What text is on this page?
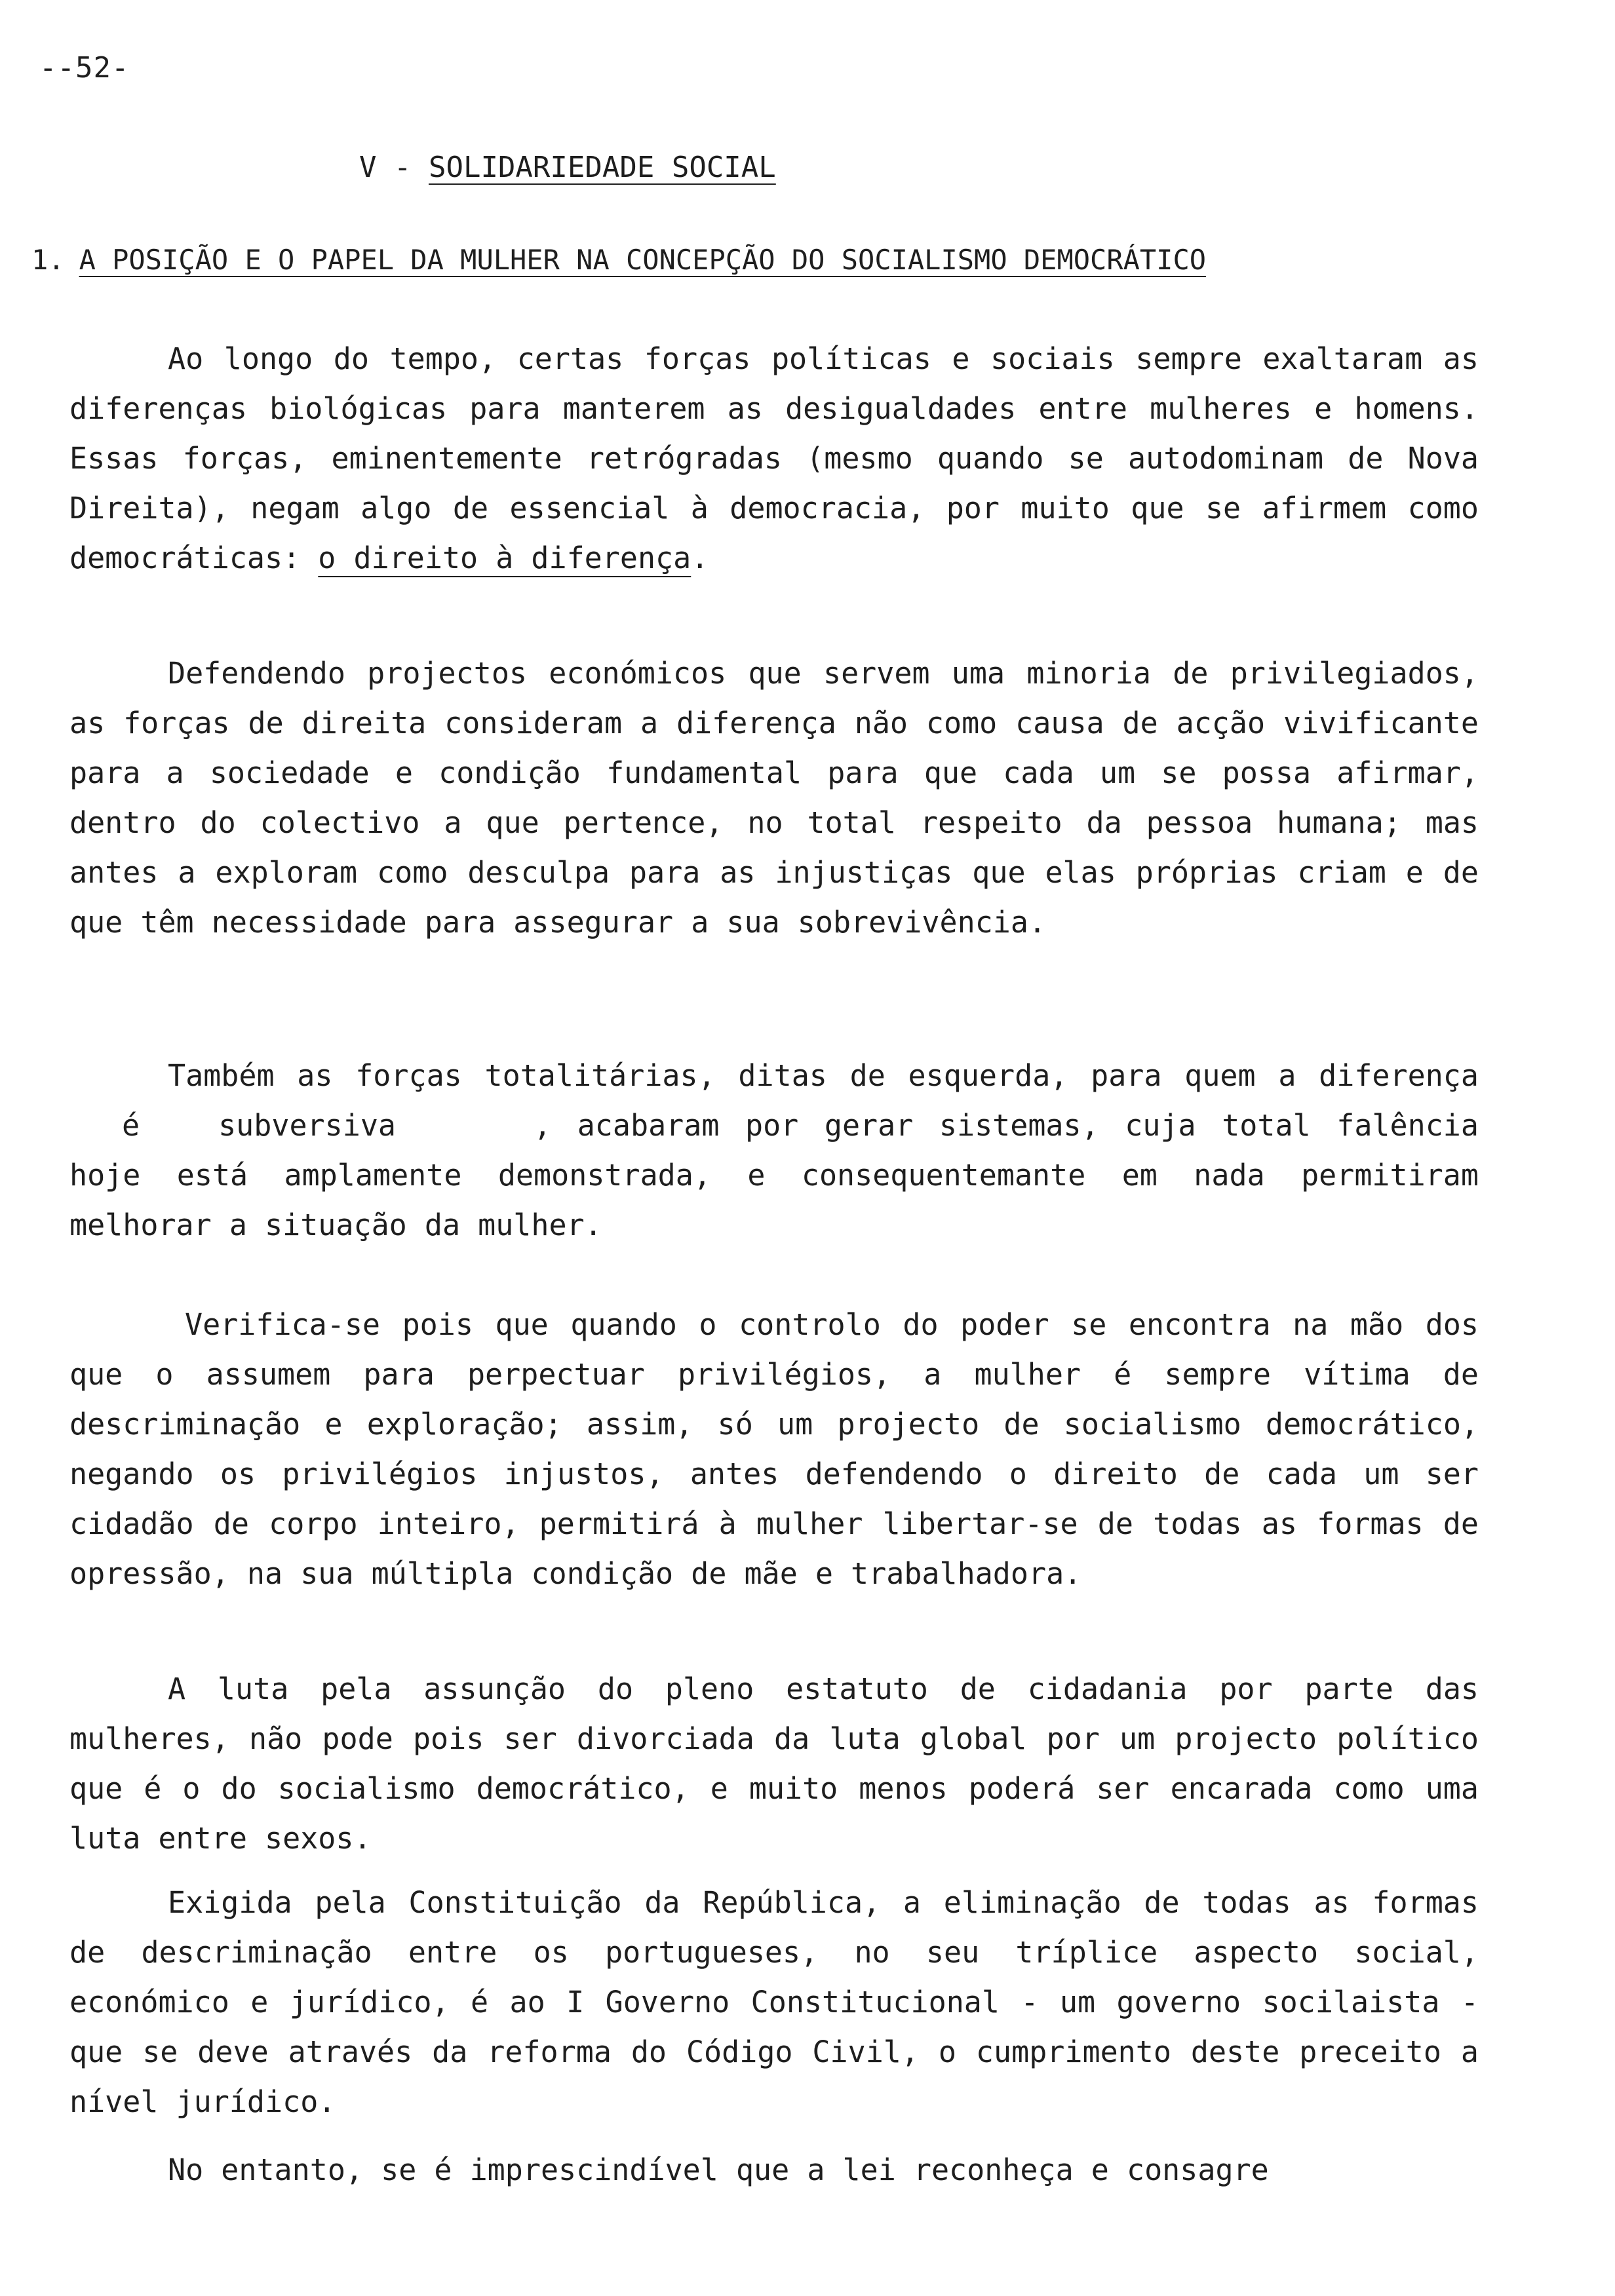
--52-
V - SOLIDARIEDADE SOCIAL
1. A POSIÇÃO E O PAPEL DA MULHER NA CONCEPÇÃO DO SOCIALISMO DEMOCRÁTICO

Ao longo do tempo, certas forças políticas e sociais sempre exaltaram as diferenças biológicas para manterem as desigualdades entre mulheres e homens. Essas forças, eminentemente retrógradas (mesmo quando se autodominam de Nova Direita), negam algo de essencial à democracia, por muito que se afirmem como democráticas: o direito à diferença.

Defendendo projectos económicos que servem uma minoria de privilegiados, as forças de direita consideram a diferença não como causa de acção vivificante para a sociedade e condição fundamental para que cada um se possa afirmar, dentro do colectivo a que pertence, no total respeito da pessoa humana; mas antes a exploram como desculpa para as injustiças que elas próprias criam e de que têm necessidade para assegurar a sua sobrevivência.

Também as forças totalitárias, ditas de esquerda, para quem a diferença é	subversiva	, acabaram por gerar sistemas, cuja total falência hoje está amplamente demonstrada, e consequentemante em nada permitiram melhorar a situação da mulher.

Verifica-se pois que quando o controlo do poder se encontra na mão dos que o assumem para perpectuar privilégios, a mulher é sempre vítima de descriminação e exploração; assim, só um projecto de socialismo democrático, negando os privilégios injustos, antes defendendo o direito de cada um ser cidadão de corpo inteiro, permitirá à mulher libertar-se de todas as formas de opressão, na sua múltipla condição de mãe e trabalhadora.

A luta pela assunção do pleno estatuto de cidadania por parte das mulheres, não pode pois ser divorciada da luta global por um projecto político que é o do socialismo democrático, e muito menos poderá ser encarada como uma luta entre sexos.

Exigida pela Constituição da República, a eliminação de todas as formas de descriminação entre os portugueses, no seu tríplice aspecto social, económico e jurídico, é ao I Governo Constitucional - um governo socilaista - que se deve através da reforma do Código Civil, o cumprimento deste preceito a nível jurídico.

No entanto, se é imprescindível que a lei reconheça e consagre
